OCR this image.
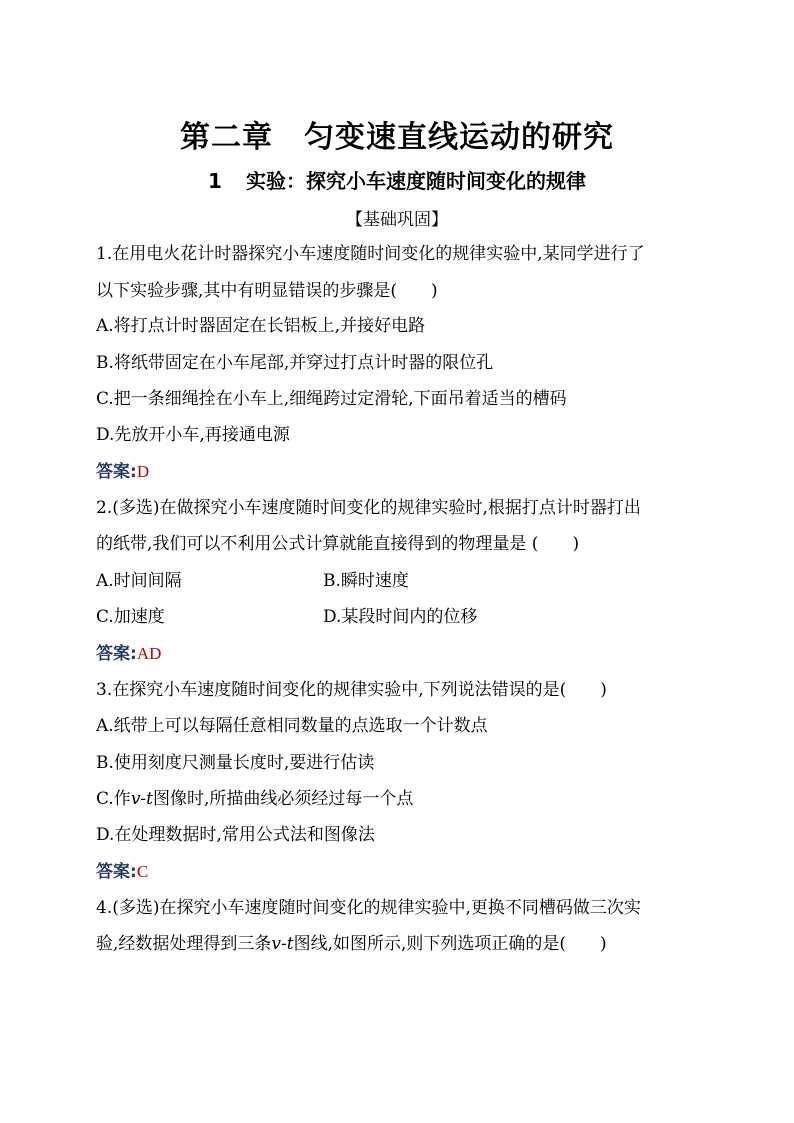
第二章　匀变速直线运动的研究
1 实验：探究小车速度随时间变化的规律
【基础巩固】
1.在用电火花计时器探究小车速度随时间变化的规律实验中,某同学进行了
以下实验步骤,其中有明显错误的步骤是(　　)
A.将打点计时器固定在长铝板上,并接好电路
B.将纸带固定在小车尾部,并穿过打点计时器的限位孔
C.把一条细绳拴在小车上,细绳跨过定滑轮,下面吊着适当的槽码
D.先放开小车,再接通电源
答案:D
2.(多选)在做探究小车速度随时间变化的规律实验时,根据打点计时器打出
的纸带,我们可以不利用公式计算就能直接得到的物理量是 (　　)
A.时间间隔	B.瞬时速度
C.加速度	D.某段时间内的位移
答案:AD
3.在探究小车速度随时间变化的规律实验中,下列说法错误的是(　　)
A.纸带上可以每隔任意相同数量的点选取一个计数点
B.使用刻度尺测量长度时,要进行估读
C.作v-t图像时,所描曲线必须经过每一个点
D.在处理数据时,常用公式法和图像法
答案:C
4.(多选)在探究小车速度随时间变化的规律实验中,更换不同槽码做三次实
验,经数据处理得到三条v-t图线,如图所示,则下列选项正确的是(　　)
